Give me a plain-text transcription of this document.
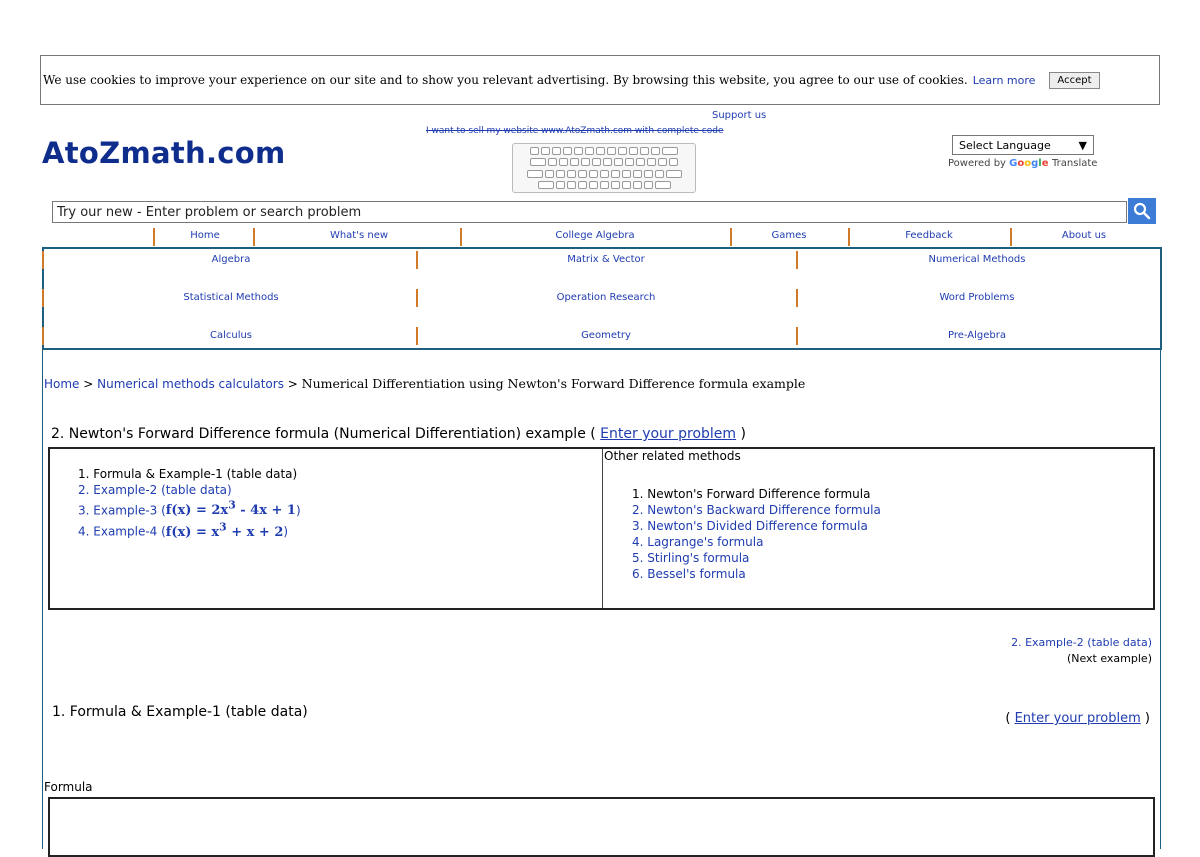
We use cookies to improve your experience on our site and to show you relevant advertising. By browsing this website, you agree to our use of cookies. Learn more	Accept
AtoZmath.com
Support us
I want to sell my website www.AtoZmath.com with complete code
Select Language	▼
Powered by Google Translate
Try our new - Enter problem or search problem
Home	What's new	College Algebra	Games	Feedback	About us
Algebra	Matrix & Vector	Numerical Methods
Statistical Methods	Operation Research	Word Problems
Calculus	Geometry	Pre-Algebra
Home > Numerical methods calculators > Numerical Differentiation using Newton's Forward Difference formula example
2. Newton's Forward Difference formula (Numerical Differentiation) example ( Enter your problem )
1. Formula & Example-1 (table data)
2. Example-2 (table data)
3. Example-3 $(f(x) = 2x^3 - 4x + 1)$
4. Example-4 $(f(x) = x^3 + x + 2)$
Other related methods
1. Newton's Forward Difference formula
2. Newton's Backward Difference formula
3. Newton's Divided Difference formula
4. Lagrange's formula
5. Stirling's formula
6. Bessel's formula
2. Example-2 (table data)
(Next example)
1. Formula & Example-1 (table data)	( Enter your problem )
Formula
